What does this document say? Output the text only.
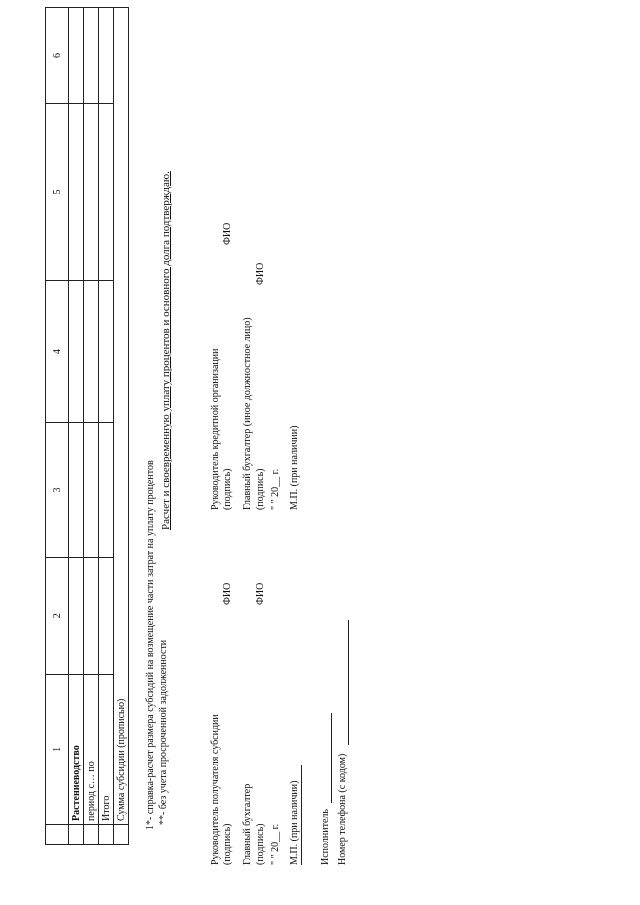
	1	2	3	4	5	6
	Растениеводство					
	период с… по					
	Итого					
	Сумма субсидии (прописью)					1*- справка-расчет размера субсидий на возмещение части затрат на уплату процентов **- без учета просроченной задолженности
Расчет и своевременную уплату процентов и основного долга подтверждаю.
Руководитель получателя субсидии (подпись)
ФИО
Главный бухгалтер (подпись)
ФИО
" " 20__ г. М.П. (при наличии)
Руководитель кредитной организации (подпись)
ФИО
Главный бухгалтер (иное должностное лицо) (подпись)
ФИО
" " 20__ г. М.П. (при наличии)
Исполнитель Номер телефона (с кодом)
